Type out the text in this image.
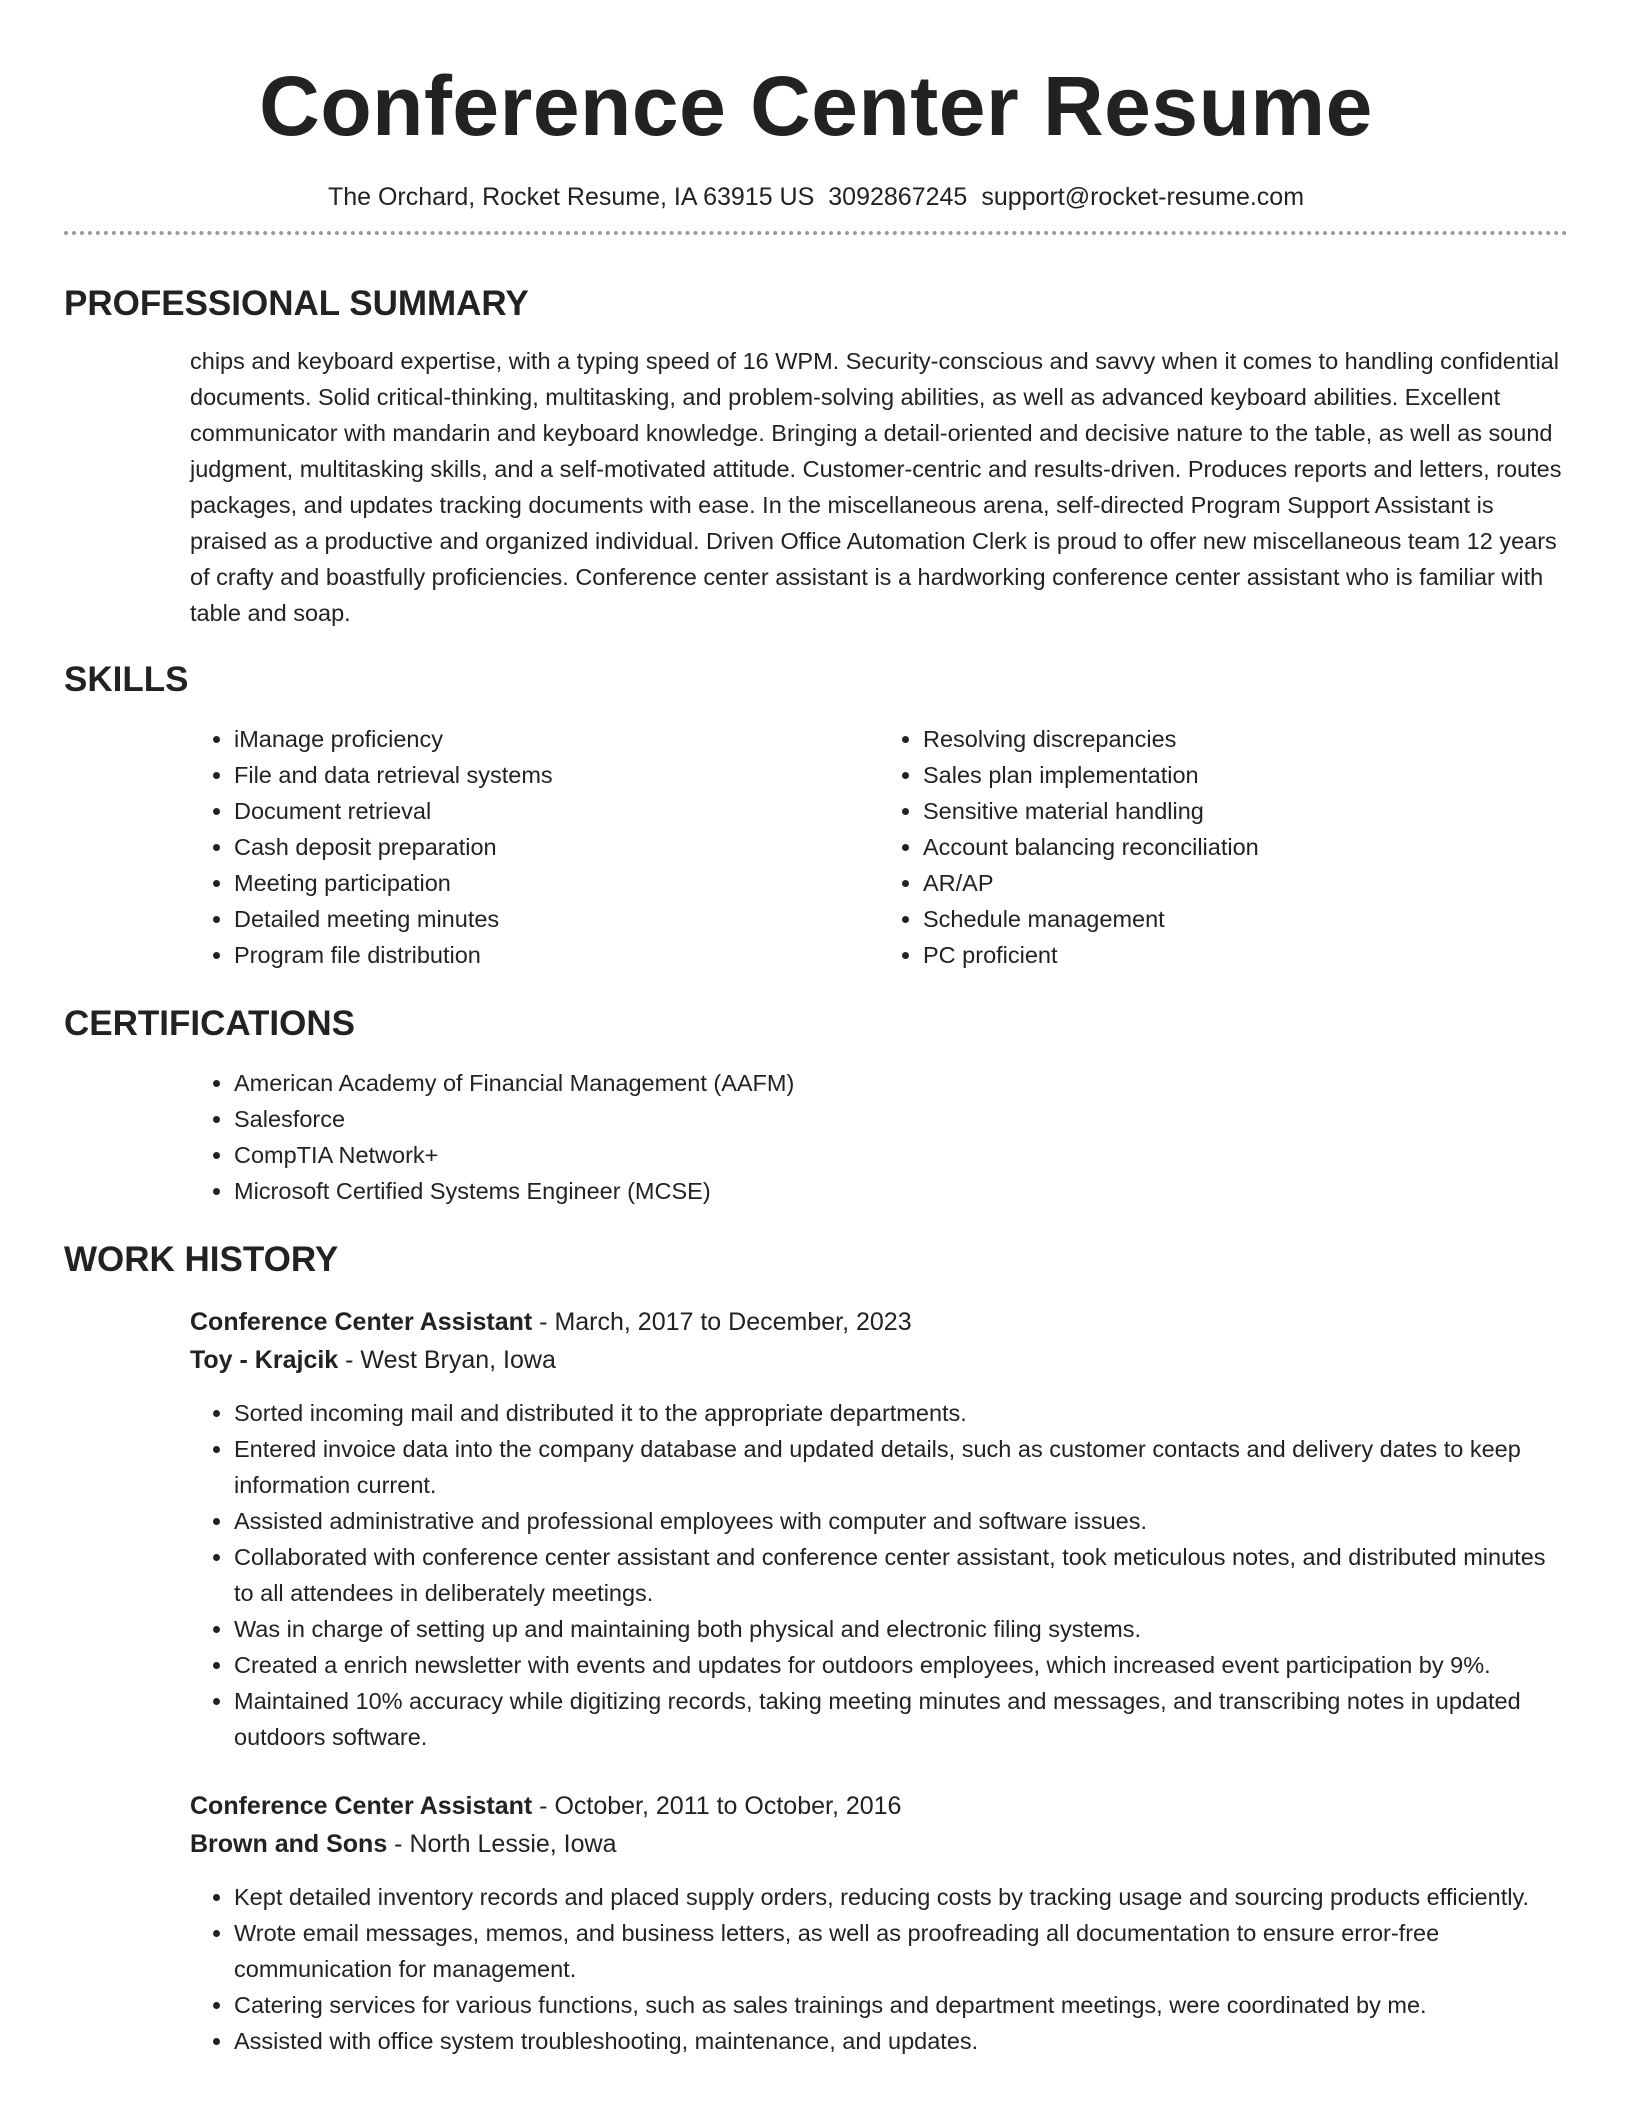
Conference Center Resume
The Orchard, Rocket Resume, IA 63915 US 3092867245 support@rocket-resume.com
PROFESSIONAL SUMMARY
chips and keyboard expertise, with a typing speed of 16 WPM. Security-conscious and savvy when it comes to handling confidential documents. Solid critical-thinking, multitasking, and problem-solving abilities, as well as advanced keyboard abilities. Excellent communicator with mandarin and keyboard knowledge. Bringing a detail-oriented and decisive nature to the table, as well as sound judgment, multitasking skills, and a self-motivated attitude. Customer-centric and results-driven. Produces reports and letters, routes packages, and updates tracking documents with ease. In the miscellaneous arena, self-directed Program Support Assistant is praised as a productive and organized individual. Driven Office Automation Clerk is proud to offer new miscellaneous team 12 years of crafty and boastfully proficiencies. Conference center assistant is a hardworking conference center assistant who is familiar with table and soap.
SKILLS
• iManage proficiency
• File and data retrieval systems
• Document retrieval
• Cash deposit preparation
• Meeting participation
• Detailed meeting minutes
• Program file distribution
• Resolving discrepancies
• Sales plan implementation
• Sensitive material handling
• Account balancing reconciliation
• AR/AP
• Schedule management
• PC proficient
CERTIFICATIONS
• American Academy of Financial Management (AAFM)
• Salesforce
• CompTIA Network+
• Microsoft Certified Systems Engineer (MCSE)
WORK HISTORY
Conference Center Assistant - March, 2017 to December, 2023
Toy - Krajcik - West Bryan, Iowa
• Sorted incoming mail and distributed it to the appropriate departments.
• Entered invoice data into the company database and updated details, such as customer contacts and delivery dates to keep information current.
• Assisted administrative and professional employees with computer and software issues.
• Collaborated with conference center assistant and conference center assistant, took meticulous notes, and distributed minutes to all attendees in deliberately meetings.
• Was in charge of setting up and maintaining both physical and electronic filing systems.
• Created a enrich newsletter with events and updates for outdoors employees, which increased event participation by 9%.
• Maintained 10% accuracy while digitizing records, taking meeting minutes and messages, and transcribing notes in updated outdoors software.
Conference Center Assistant - October, 2011 to October, 2016
Brown and Sons - North Lessie, Iowa
• Kept detailed inventory records and placed supply orders, reducing costs by tracking usage and sourcing products efficiently.
• Wrote email messages, memos, and business letters, as well as proofreading all documentation to ensure error-free communication for management.
• Catering services for various functions, such as sales trainings and department meetings, were coordinated by me.
• Assisted with office system troubleshooting, maintenance, and updates.
